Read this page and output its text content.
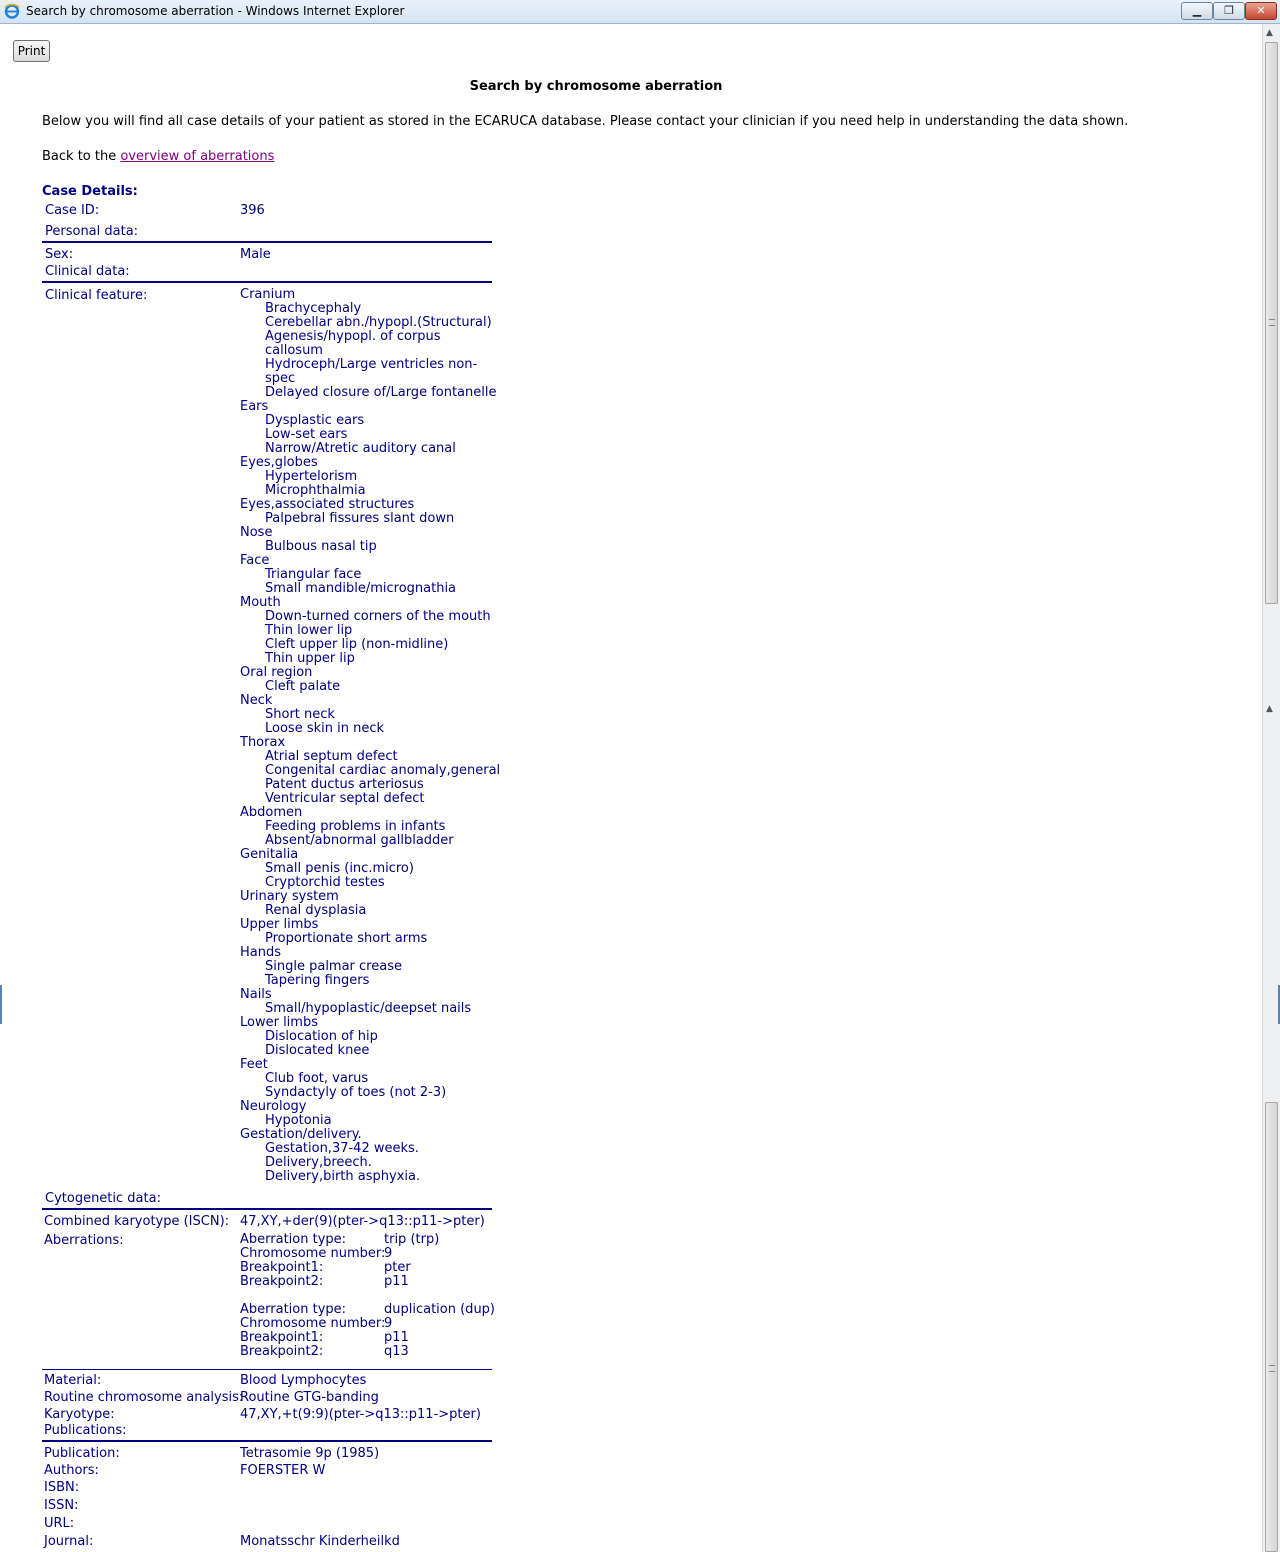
Search by chromosome aberration - Windows Internet Explorer	▁	❐	✕
Print
Search by chromosome aberration
Below you will find all case details of your patient as stored in the ECARUCA database. Please contact your clinician if you need help in understanding the data shown.
Back to the overview of aberrations
Case Details:
Case ID:	396
Personal data:
Sex:	Male
Clinical data:
Clinical feature:	Cranium
Brachycephaly
Cerebellar abn./hypopl.(Structural)
Agenesis/hypopl. of corpus
callosum
Hydroceph/Large ventricles non-
spec
Delayed closure of/Large fontanelle
Ears
Dysplastic ears
Low-set ears
Narrow/Atretic auditory canal
Eyes,globes
Hypertelorism
Microphthalmia
Eyes,associated structures
Palpebral fissures slant down
Nose
Bulbous nasal tip
Face
Triangular face
Small mandible/micrognathia
Mouth
Down-turned corners of the mouth
Thin lower lip
Cleft upper lip (non-midline)
Thin upper lip
Oral region
Cleft palate
Neck
Short neck
Loose skin in neck
Thorax
Atrial septum defect
Congenital cardiac anomaly,general
Patent ductus arteriosus
Ventricular septal defect
Abdomen
Feeding problems in infants
Absent/abnormal gallbladder
Genitalia
Small penis (inc.micro)
Cryptorchid testes
Urinary system
Renal dysplasia
Upper limbs
Proportionate short arms
Hands
Single palmar crease
Tapering fingers
Nails
Small/hypoplastic/deepset nails
Lower limbs
Dislocation of hip
Dislocated knee
Feet
Club foot, varus
Syndactyly of toes (not 2-3)
Neurology
Hypotonia
Gestation/delivery.
Gestation,37-42 weeks.
Delivery,breech.
Delivery,birth asphyxia.
Cytogenetic data:
Combined karyotype (ISCN): 47,XY,+der(9)(pter->q13::p11->pter)
Aberrations:	Aberration type:	trip (trp)
Chromosome number:
9
Breakpoint1:	pter
Breakpoint2:	p11
Aberration type:	duplication (dup)
Chromosome number:
9
Breakpoint1:	p11
Breakpoint2:	q13
Material:	Blood Lymphocytes
Routine chromosome analysis:
Routine GTG-banding
Karyotype:	47,XY,+t(9:9)(pter->q13::p11->pter)
Publications:
Publication:	Tetrasomie 9p (1985)
Authors:	FOERSTER W
ISBN:
ISSN:
URL:
Journal:	Monatsschr Kinderheilkd
▲
▲
